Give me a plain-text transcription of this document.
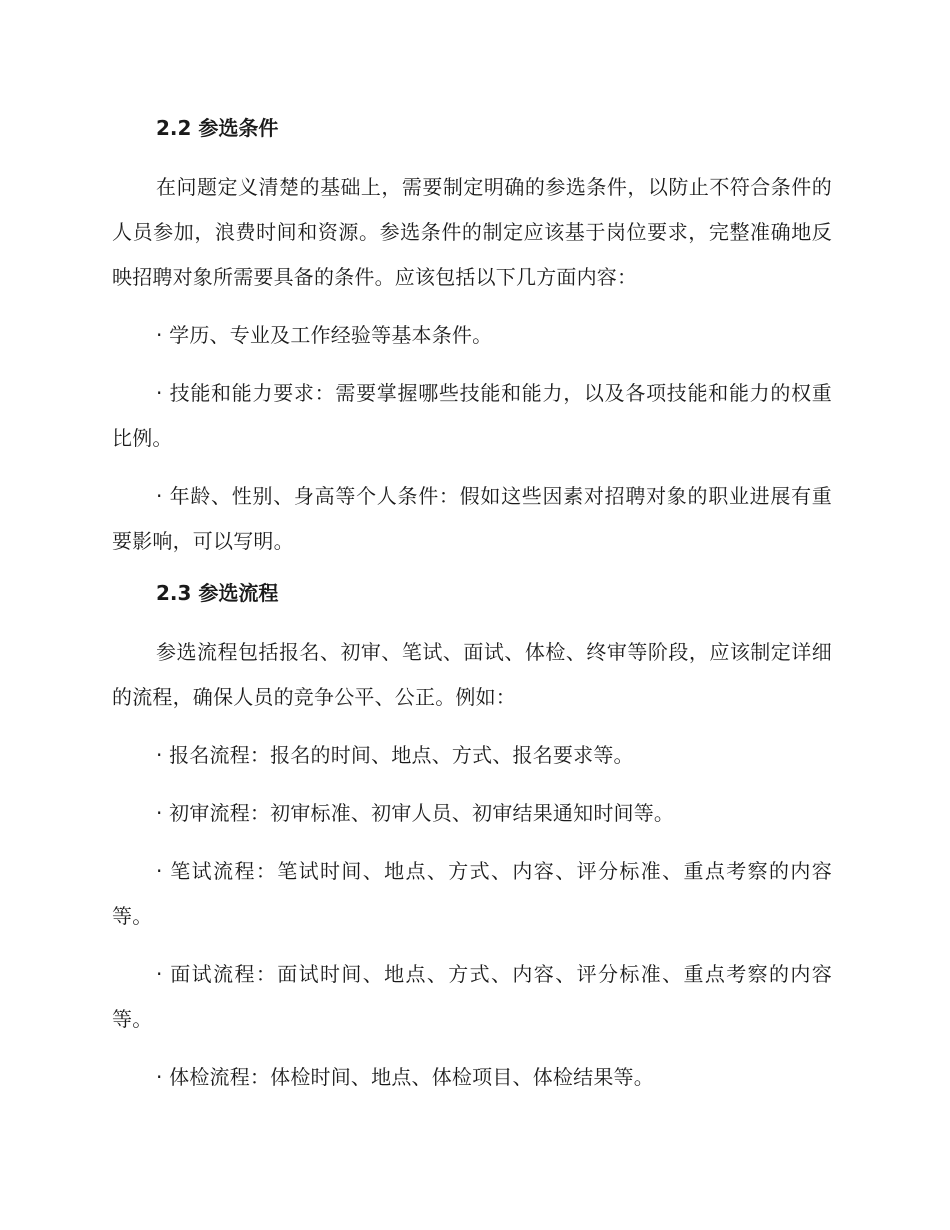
2.2 参选条件

在问题定义清楚的基础上，需要制定明确的参选条件，以防止不符合条件的人员参加，浪费时间和资源。参选条件的制定应该基于岗位要求，完整准确地反映招聘对象所需要具备的条件。应该包括以下几方面内容：

· 学历、专业及工作经验等基本条件。

· 技能和能力要求：需要掌握哪些技能和能力，以及各项技能和能力的权重比例。

· 年龄、性别、身高等个人条件：假如这些因素对招聘对象的职业进展有重要影响，可以写明。

2.3 参选流程

参选流程包括报名、初审、笔试、面试、体检、终审等阶段，应该制定详细的流程，确保人员的竞争公平、公正。例如：

· 报名流程：报名的时间、地点、方式、报名要求等。

· 初审流程：初审标准、初审人员、初审结果通知时间等。

· 笔试流程：笔试时间、地点、方式、内容、评分标准、重点考察的内容等。

· 面试流程：面试时间、地点、方式、内容、评分标准、重点考察的内容等。

· 体检流程：体检时间、地点、体检项目、体检结果等。
